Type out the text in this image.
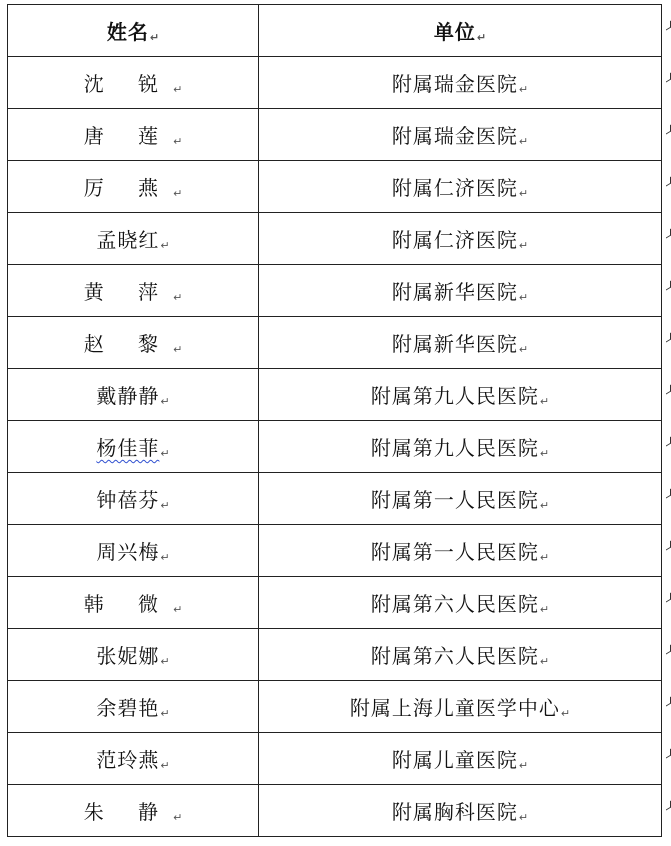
姓名↵	单位↵
沈 锐↵	附属瑞金医院↵
唐 莲↵	附属瑞金医院↵
厉 燕↵	附属仁济医院↵
孟晓红↵	附属仁济医院↵
黄 萍↵	附属新华医院↵
赵 黎↵	附属新华医院↵
戴静静↵	附属第九人民医院↵
杨佳菲↵	附属第九人民医院↵
钟蓓芬↵	附属第一人民医院↵
周兴梅↵	附属第一人民医院↵
韩 微↵	附属第六人民医院↵
张妮娜↵	附属第六人民医院↵
余碧艳↵	附属上海儿童医学中心↵
范玲燕↵	附属儿童医院↵
朱 静↵	附属胸科医院↵
